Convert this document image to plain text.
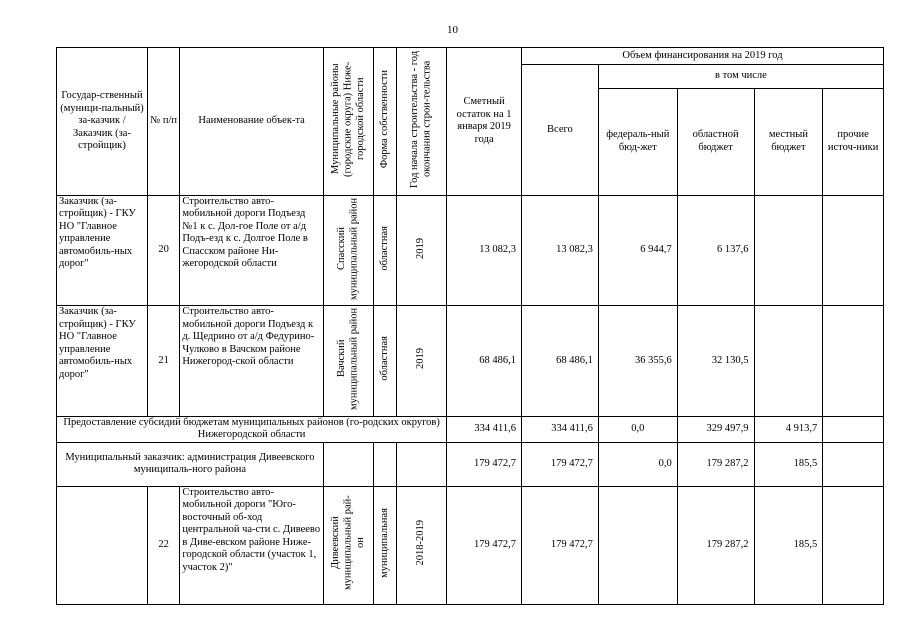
10
Государ-ственный (муници-пальный) за-казчик / Заказчик (за-стройщик)	№ п/п	Наименование объек-та	Муниципальные районы (городские округа) Ниже-городской области	Форма собственности	Год начала строительства - год окончания строи-тельства	Сметный остаток на 1 января 2019 года	Объем финансирования на 2019 год				
							Всего	в том числе			
								федераль-ный бюд-жет	областной бюджет	местный бюджет	прочие источ-ники
Заказчик (за-стройщик) - ГКУ НО "Главное управление автомобиль-ных дорог"	20	Строительство авто-мобильной дороги Подъезд №1 к с. Дол-гое Поле от а/д Подъ-езд к с. Долгое Поле в Спасском районе Ни-жегородской области	Спасский муниципальный район	областная	2019	13 082,3	13 082,3	6 944,7	6 137,6		
Заказчик (за-стройщик) - ГКУ НО "Главное управление автомобиль-ных дорог"	21	Строительство авто-мобильной дороги Подъезд к д. Щедрино от а/д Федурино-Чулково в Вачском районе Нижегород-ской области	Вачский муниципальный район	областная	2019	68 486,1	68 486,1	36 355,6	32 130,5		
Предоставление субсидий бюджетам муниципальных районов (го-родских округов) Нижегородской области						334 411,6	334 411,6	0,0	329 497,9	4 913,7	
Муниципальный заказчик: администрация Дивеевского муниципаль-ного района						179 472,7	179 472,7	0,0	179 287,2	185,5	
	22	Строительство авто-мобильной дороги "Юго-восточный об-ход центральной ча-сти с. Дивеево в Диве-евском районе Ниже-городской области (участок 1, участок 2)"	Дивеевский муниципальный рай-он	муниципальная	2018-2019	179 472,7	179 472,7		179 287,2	185,5	
